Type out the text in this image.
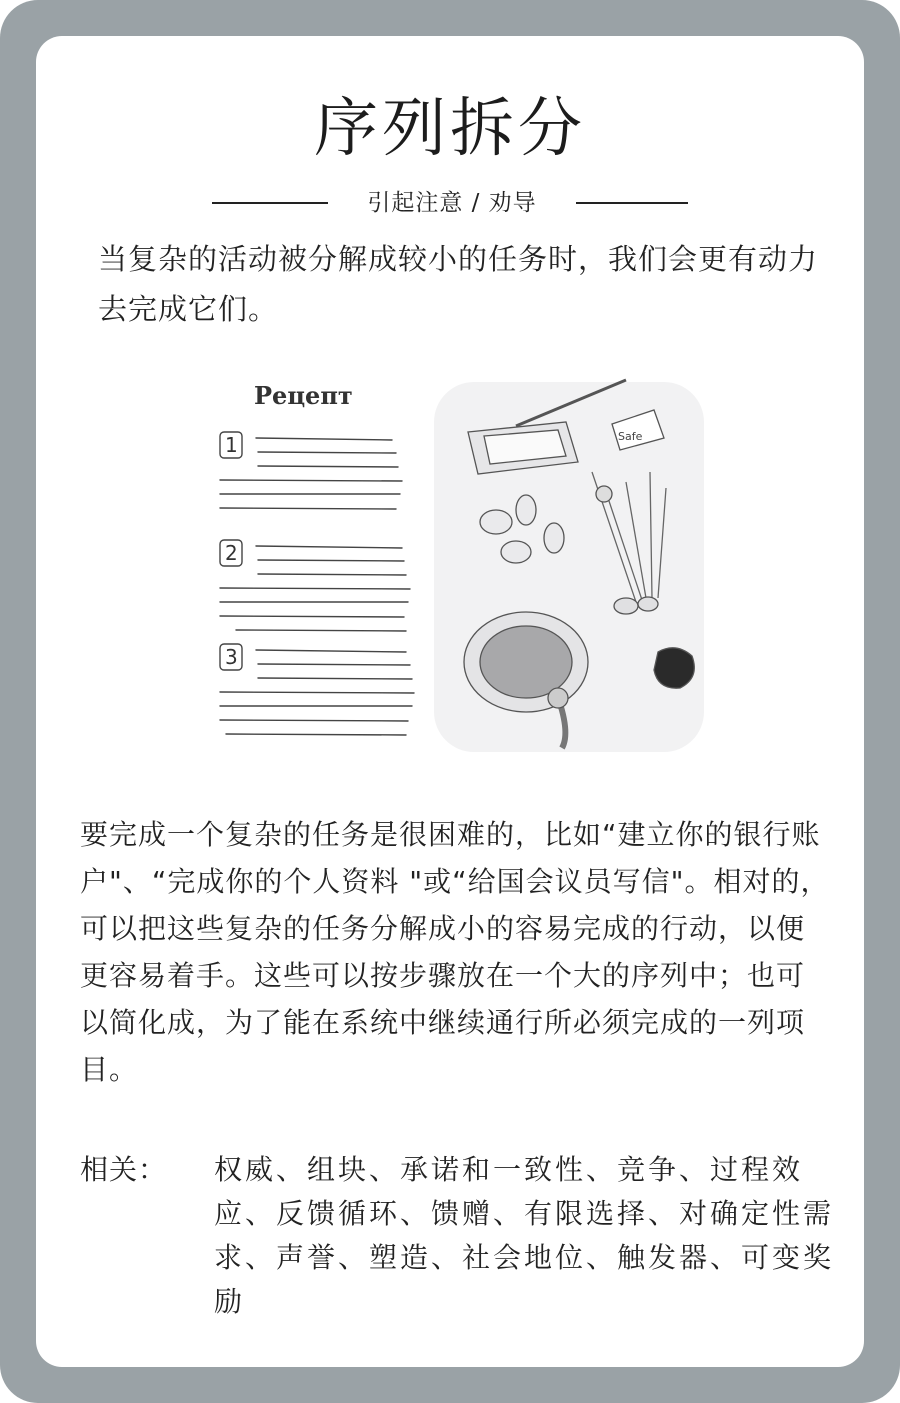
序列拆分
引起注意 / 劝导
当复杂的活动被分解成较小的任务时，我们会更有动力去完成它们。
Рецепт
1
2
3
Safe
要完成一个复杂的任务是很困难的，比如“建立你的银行账户"、“完成你的个人资料 "或“给国会议员写信"。相对的，可以把这些复杂的任务分解成小的容易完成的行动，以便更容易着手。这些可以按步骤放在一个大的序列中；也可以简化成，为了能在系统中继续通行所必须完成的一列项目。
相关： 权威、组块、承诺和一致性、竞争、过程效应、反馈循环、馈赠、有限选择、对确定性需求、声誉、塑造、社会地位、触发器、可变奖励
